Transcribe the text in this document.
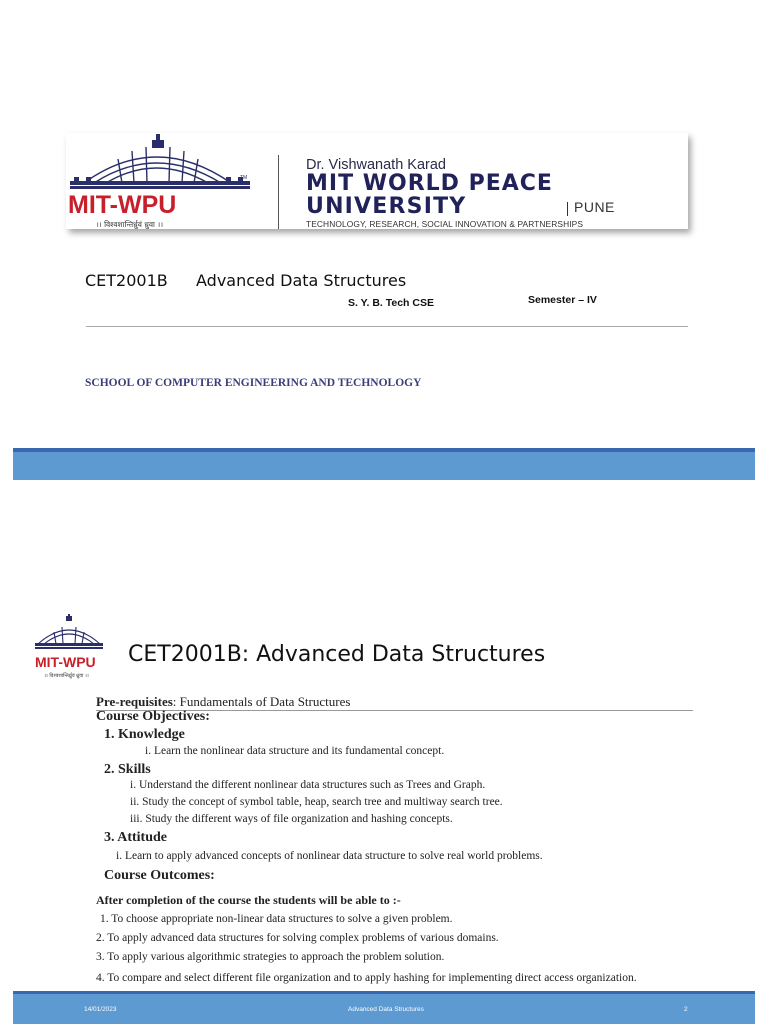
TM
MIT-WPU
।। विश्वशान्तिर्ध्रुवं ध्रुवा ।।
Dr. Vishwanath Karad
MIT WORLD PEACE
UNIVERSITY	PUNE
TECHNOLOGY, RESEARCH, SOCIAL INNOVATION & PARTNERSHIPS
CET2001B Advanced Data Structures
S. Y. B. Tech CSE	Semester – IV
SCHOOL OF COMPUTER ENGINEERING AND TECHNOLOGY
MIT-WPU
।। विश्वशान्तिर्ध्रुवं ध्रुवा ।।
CET2001B: Advanced Data Structures
Pre-requisites: Fundamentals of Data Structures
Course Objectives:
1. Knowledge
i. Learn the nonlinear data structure and its fundamental concept.
2. Skills
i. Understand the different nonlinear data structures such as Trees and Graph.
ii. Study the concept of symbol table, heap, search tree and multiway search tree.
iii. Study the different ways of file organization and hashing concepts.
3. Attitude
i. Learn to apply advanced concepts of nonlinear data structure to solve real world problems.
Course Outcomes:
After completion of the course the students will be able to :-
1. To choose appropriate non-linear data structures to solve a given problem.
2. To apply advanced data structures for solving complex problems of various domains.
3. To apply various algorithmic strategies to approach the problem solution.
4. To compare and select different file organization and to apply hashing for implementing direct access organization.
14/01/2023	Advanced Data Structures	2
